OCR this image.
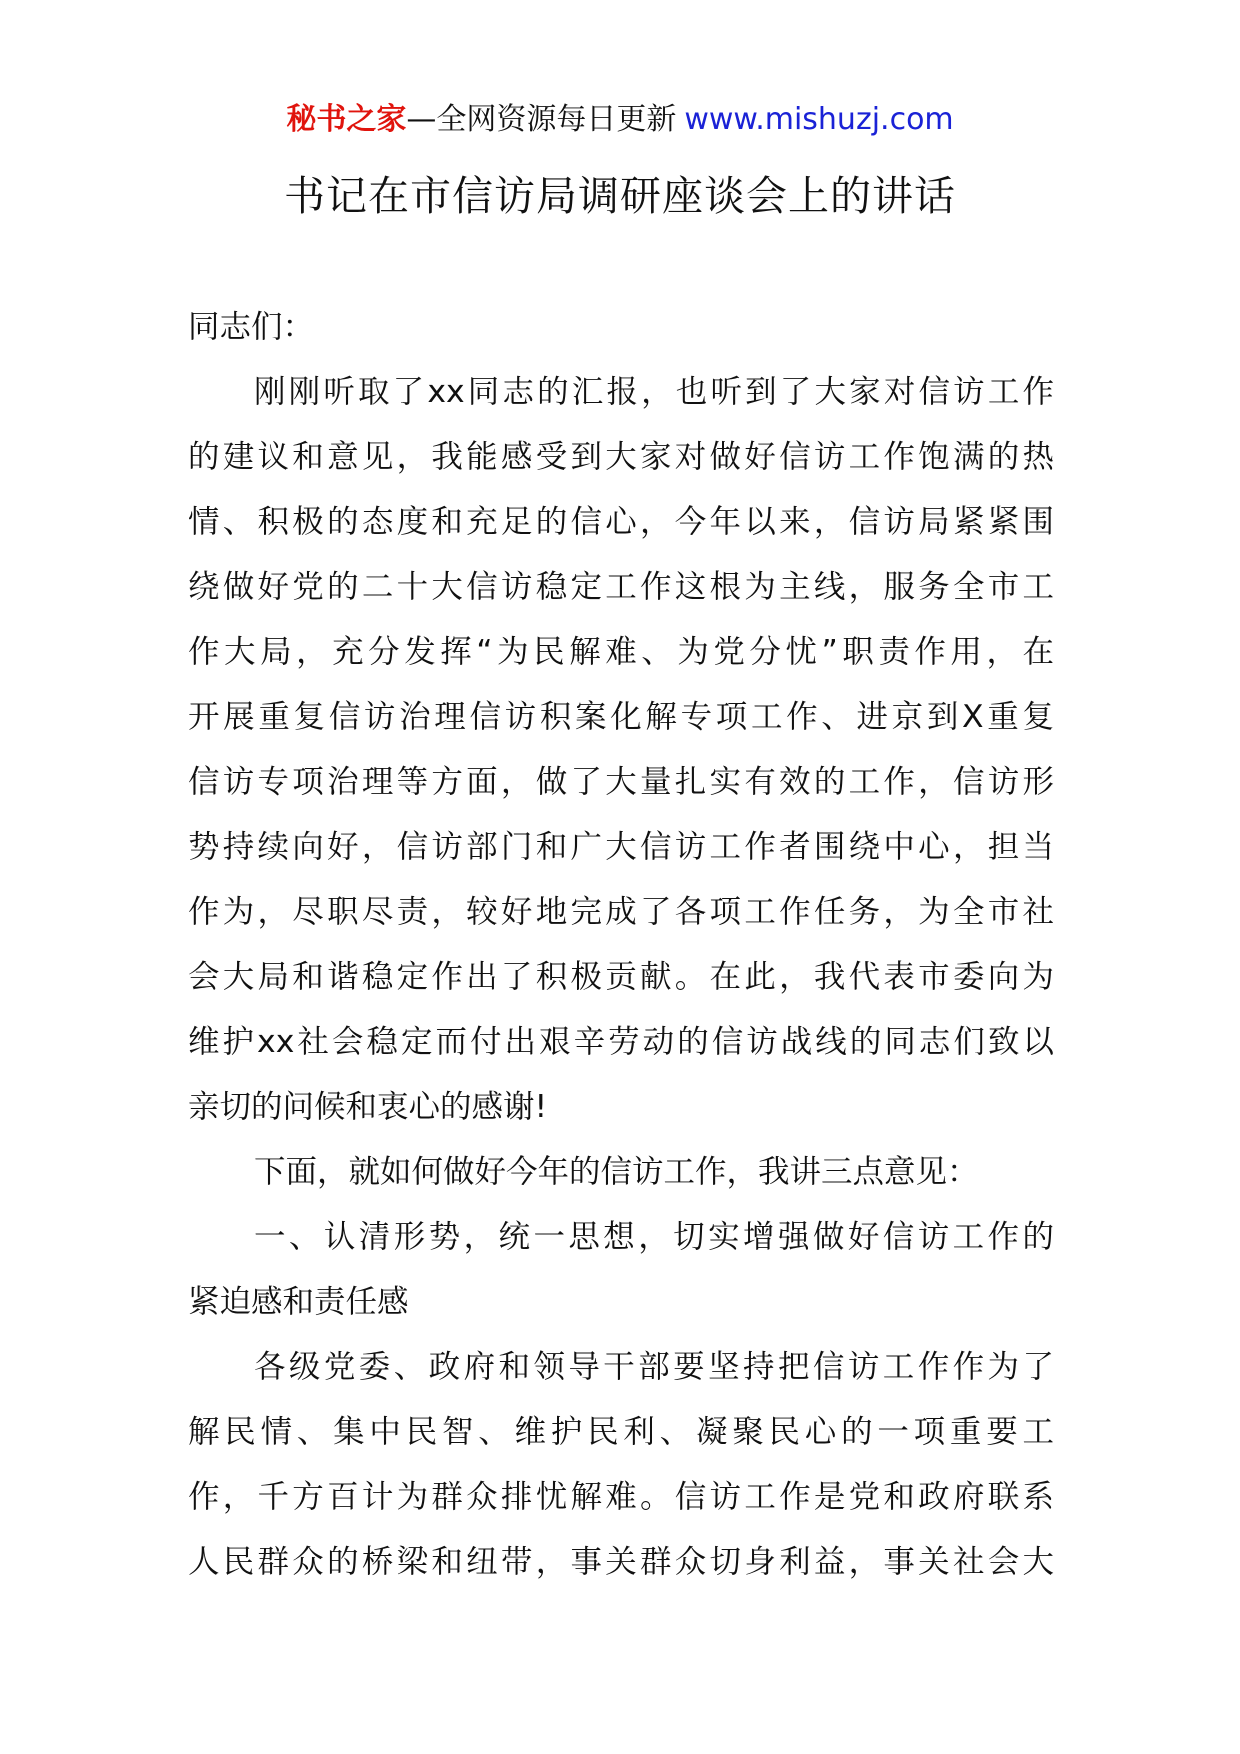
秘书之家—全网资源每日更新 www.mishuzj.com
书记在市信访局调研座谈会上的讲话
同志们：
刚刚听取了xx同志的汇报，也听到了大家对信访工作
的建议和意见，我能感受到大家对做好信访工作饱满的热
情、积极的态度和充足的信心，今年以来，信访局紧紧围
绕做好党的二十大信访稳定工作这根为主线，服务全市工
作大局，充分发挥“为民解难、为党分忧”职责作用，在
开展重复信访治理信访积案化解专项工作、进京到X重复
信访专项治理等方面，做了大量扎实有效的工作，信访形
势持续向好，信访部门和广大信访工作者围绕中心，担当
作为，尽职尽责，较好地完成了各项工作任务，为全市社
会大局和谐稳定作出了积极贡献。在此，我代表市委向为
维护xx社会稳定而付出艰辛劳动的信访战线的同志们致以
亲切的问候和衷心的感谢!
下面，就如何做好今年的信访工作，我讲三点意见：
一、认清形势，统一思想，切实增强做好信访工作的
紧迫感和责任感
各级党委、政府和领导干部要坚持把信访工作作为了
解民情、集中民智、维护民利、凝聚民心的一项重要工
作，千方百计为群众排忧解难。信访工作是党和政府联系
人民群众的桥梁和纽带，事关群众切身利益，事关社会大
